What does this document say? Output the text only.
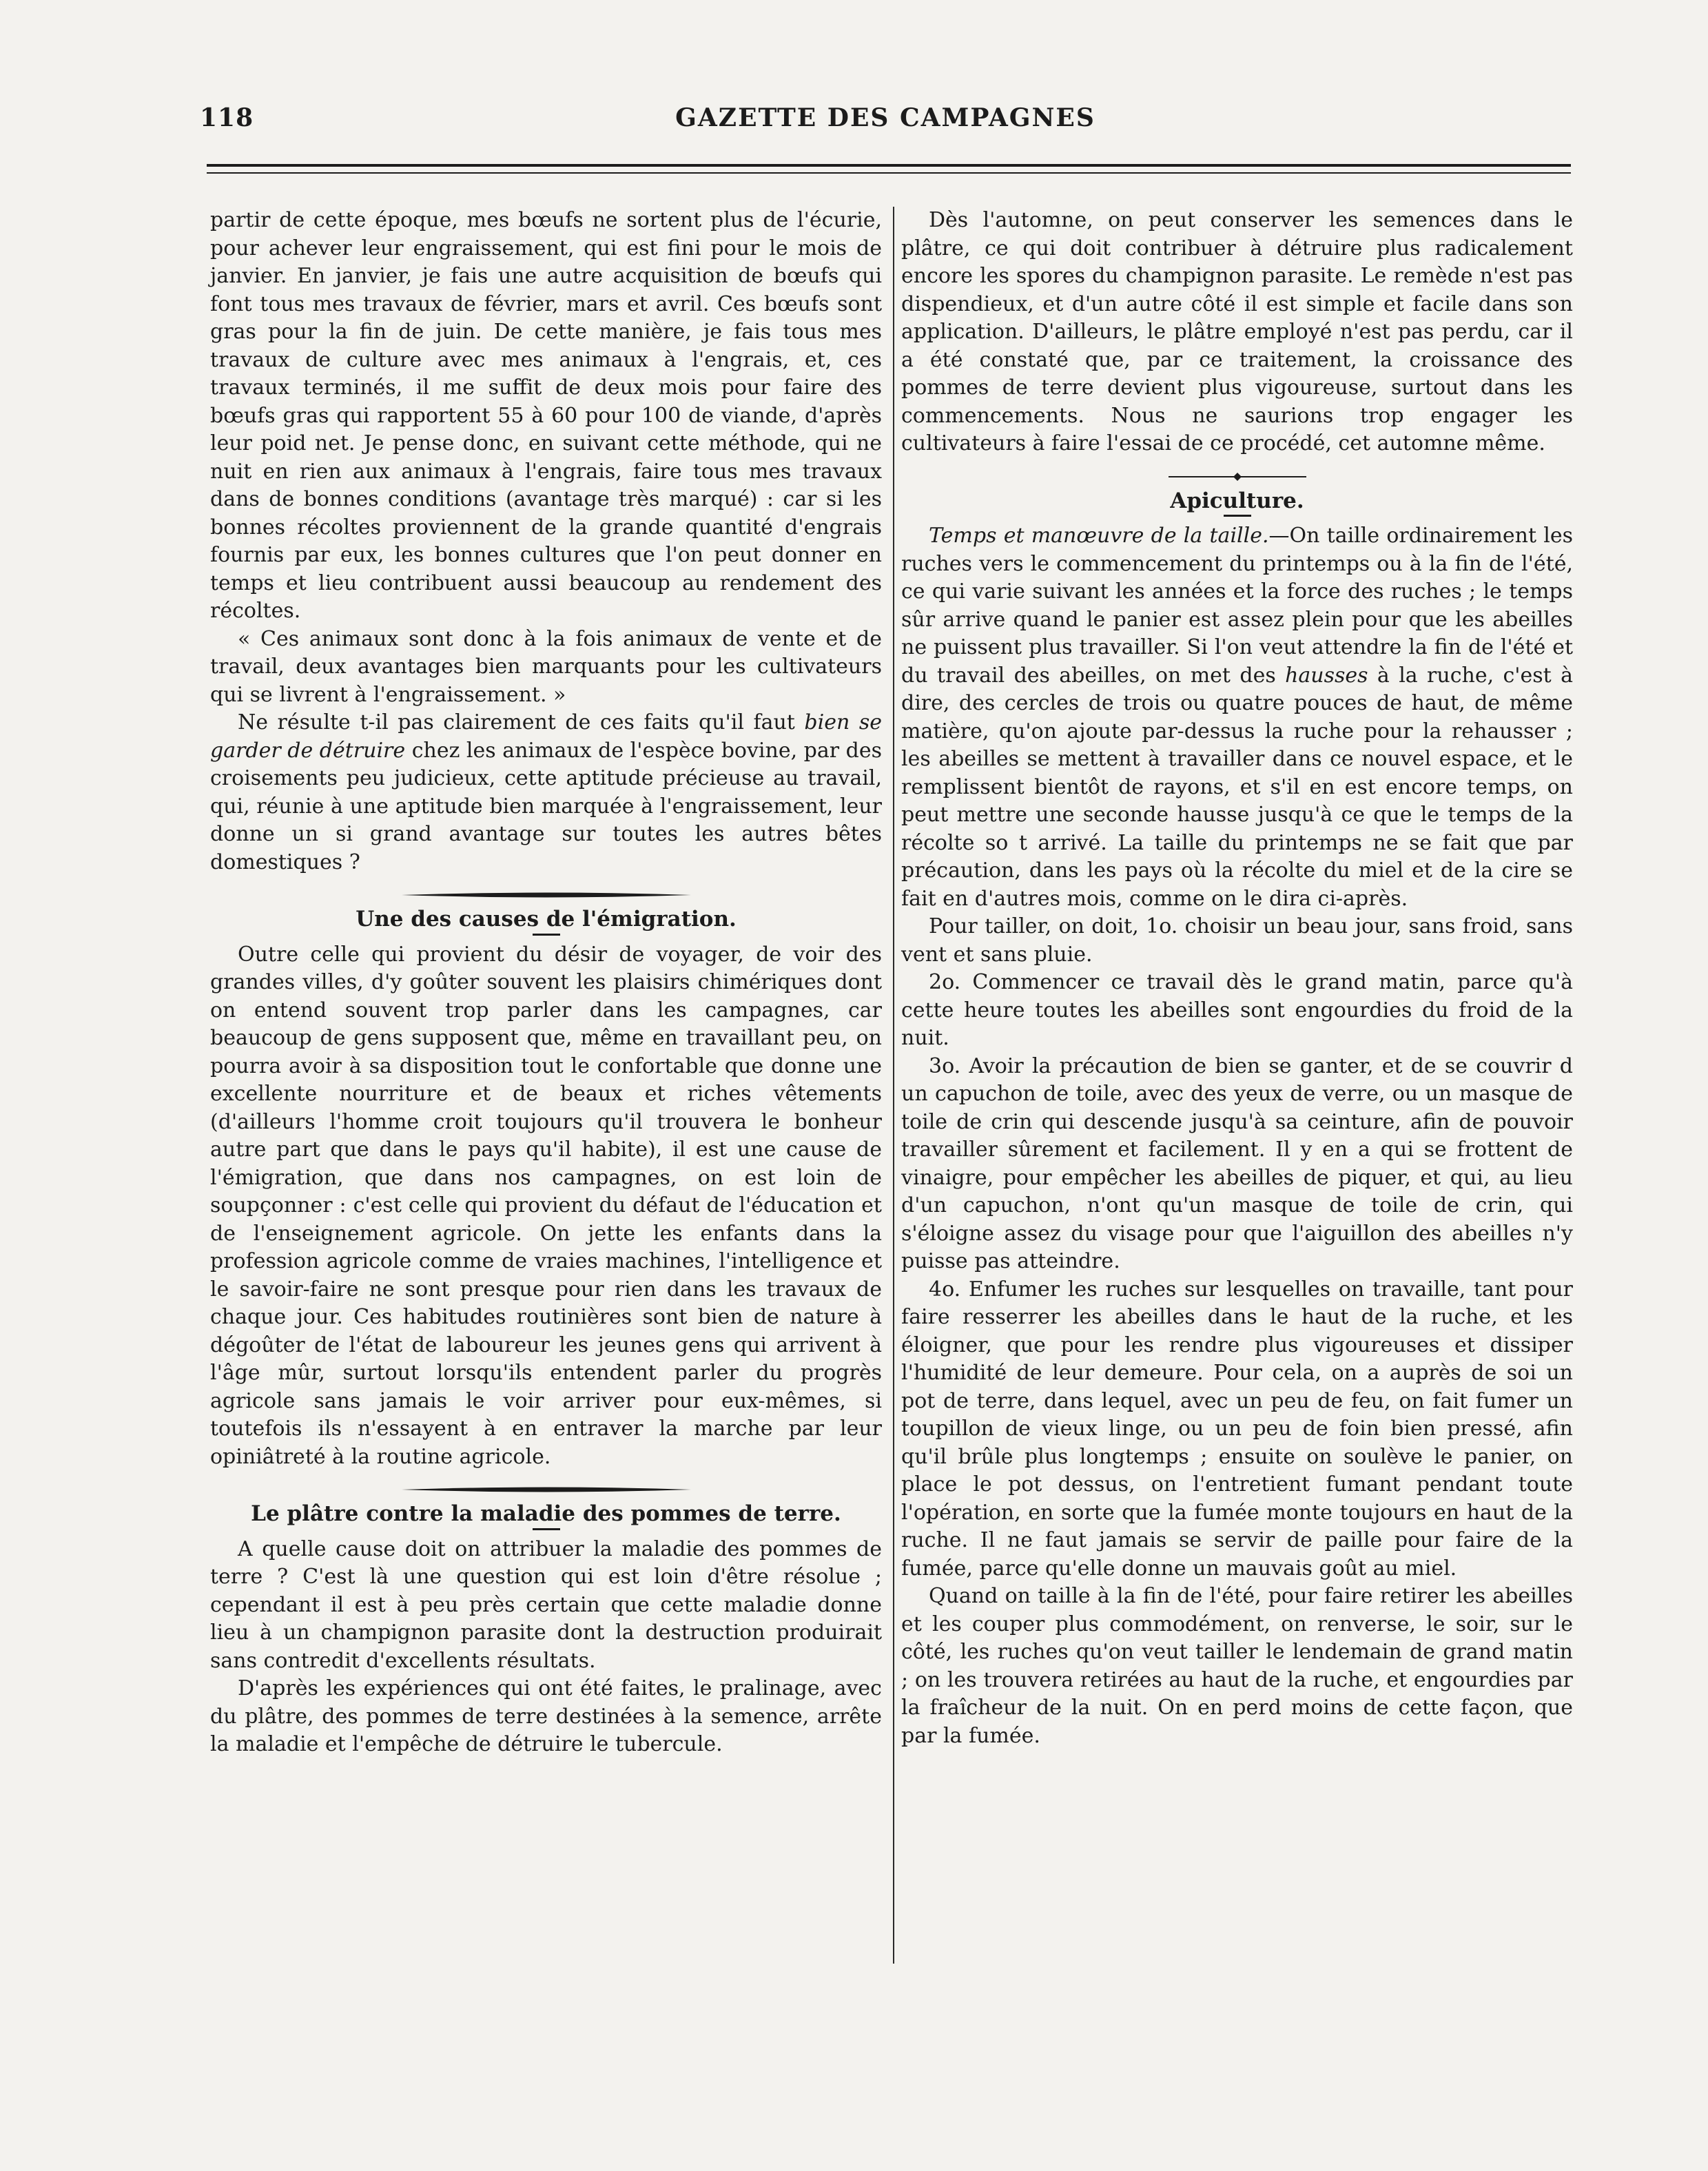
118	GAZETTE DES CAMPAGNES

partir de cette époque, mes bœufs ne sortent plus de l'écurie, pour achever leur engraissement, qui est fini pour le mois de janvier. En janvier, je fais une autre acquisition de bœufs qui font tous mes travaux de février, mars et avril. Ces bœufs sont gras pour la fin de juin. De cette manière, je fais tous mes travaux de culture avec mes animaux à l'engrais, et, ces travaux terminés, il me suffit de deux mois pour faire des bœufs gras qui rapportent 55 à 60 pour 100 de viande, d'après leur poid net. Je pense donc, en suivant cette méthode, qui ne nuit en rien aux animaux à l'engrais, faire tous mes travaux dans de bonnes conditions (avantage très marqué) : car si les bonnes récoltes proviennent de la grande quantité d'engrais fournis par eux, les bonnes cultures que l'on peut donner en temps et lieu contribuent aussi beaucoup au rendement des récoltes.

« Ces animaux sont donc à la fois animaux de vente et de travail, deux avantages bien marquants pour les cultivateurs qui se livrent à l'engraissement. »

Ne résulte t-il pas clairement de ces faits qu'il faut bien se garder de détruire chez les animaux de l'espèce bovine, par des croisements peu judicieux, cette aptitude précieuse au travail, qui, réunie à une aptitude bien marquée à l'engraissement, leur donne un si grand avantage sur toutes les autres bêtes domestiques ?

Une des causes de l'émigration.

Outre celle qui provient du désir de voyager, de voir des grandes villes, d'y goûter souvent les plaisirs chimériques dont on entend souvent trop parler dans les campagnes, car beaucoup de gens supposent que, même en travaillant peu, on pourra avoir à sa disposition tout le confortable que donne une excellente nourriture et de beaux et riches vêtements (d'ailleurs l'homme croit toujours qu'il trouvera le bonheur autre part que dans le pays qu'il habite), il est une cause de l'émigration, que dans nos campagnes, on est loin de soupçonner : c'est celle qui provient du défaut de l'éducation et de l'enseignement agricole. On jette les enfants dans la profession agricole comme de vraies machines, l'intelligence et le savoir-faire ne sont presque pour rien dans les travaux de chaque jour. Ces habitudes routinières sont bien de nature à dégoûter de l'état de laboureur les jeunes gens qui arrivent à l'âge mûr, surtout lorsqu'ils entendent parler du progrès agricole sans jamais le voir arriver pour eux-mêmes, si toutefois ils n'essayent à en entraver la marche par leur opiniâtreté à la routine agricole.

Le plâtre contre la maladie des pommes de terre.

A quelle cause doit on attribuer la maladie des pommes de terre ? C'est là une question qui est loin d'être résolue ; cependant il est à peu près certain que cette maladie donne lieu à un champignon parasite dont la destruction produirait sans contredit d'excellents résultats.

D'après les expériences qui ont été faites, le pralinage, avec du plâtre, des pommes de terre destinées à la semence, arrête la maladie et l'empêche de détruire le tubercule.

Dès l'automne, on peut conserver les semences dans le plâtre, ce qui doit contribuer à détruire plus radicalement encore les spores du champignon parasite. Le remède n'est pas dispendieux, et d'un autre côté il est simple et facile dans son application. D'ailleurs, le plâtre employé n'est pas perdu, car il a été constaté que, par ce traitement, la croissance des pommes de terre devient plus vigoureuse, surtout dans les commencements. Nous ne saurions trop engager les cultivateurs à faire l'essai de ce procédé, cet automne même.

Apiculture.

Temps et manœuvre de la taille.—On taille ordinairement les ruches vers le commencement du printemps ou à la fin de l'été, ce qui varie suivant les années et la force des ruches ; le temps sûr arrive quand le panier est assez plein pour que les abeilles ne puissent plus travailler. Si l'on veut attendre la fin de l'été et du travail des abeilles, on met des hausses à la ruche, c'est à dire, des cercles de trois ou quatre pouces de haut, de même matière, qu'on ajoute par-dessus la ruche pour la rehausser ; les abeilles se mettent à travailler dans ce nouvel espace, et le remplissent bientôt de rayons, et s'il en est encore temps, on peut mettre une seconde hausse jusqu'à ce que le temps de la récolte so t arrivé. La taille du printemps ne se fait que par précaution, dans les pays où la récolte du miel et de la cire se fait en d'autres mois, comme on le dira ci-après.

Pour tailler, on doit, 1o. choisir un beau jour, sans froid, sans vent et sans pluie.

2o. Commencer ce travail dès le grand matin, parce qu'à cette heure toutes les abeilles sont engourdies du froid de la nuit.

3o. Avoir la précaution de bien se ganter, et de se couvrir d un capuchon de toile, avec des yeux de verre, ou un masque de toile de crin qui descende jusqu'à sa ceinture, afin de pouvoir travailler sûrement et facilement. Il y en a qui se frottent de vinaigre, pour empêcher les abeilles de piquer, et qui, au lieu d'un capuchon, n'ont qu'un masque de toile de crin, qui s'éloigne assez du visage pour que l'aiguillon des abeilles n'y puisse pas atteindre.

4o. Enfumer les ruches sur lesquelles on travaille, tant pour faire resserrer les abeilles dans le haut de la ruche, et les éloigner, que pour les rendre plus vigoureuses et dissiper l'humidité de leur demeure. Pour cela, on a auprès de soi un pot de terre, dans lequel, avec un peu de feu, on fait fumer un toupillon de vieux linge, ou un peu de foin bien pressé, afin qu'il brûle plus longtemps ; ensuite on soulève le panier, on place le pot dessus, on l'entretient fumant pendant toute l'opération, en sorte que la fumée monte toujours en haut de la ruche. Il ne faut jamais se servir de paille pour faire de la fumée, parce qu'elle donne un mauvais goût au miel.

Quand on taille à la fin de l'été, pour faire retirer les abeilles et les couper plus commodément, on renverse, le soir, sur le côté, les ruches qu'on veut tailler le lendemain de grand matin ; on les trouvera retirées au haut de la ruche, et engourdies par la fraîcheur de la nuit. On en perd moins de cette façon, que par la fumée.
